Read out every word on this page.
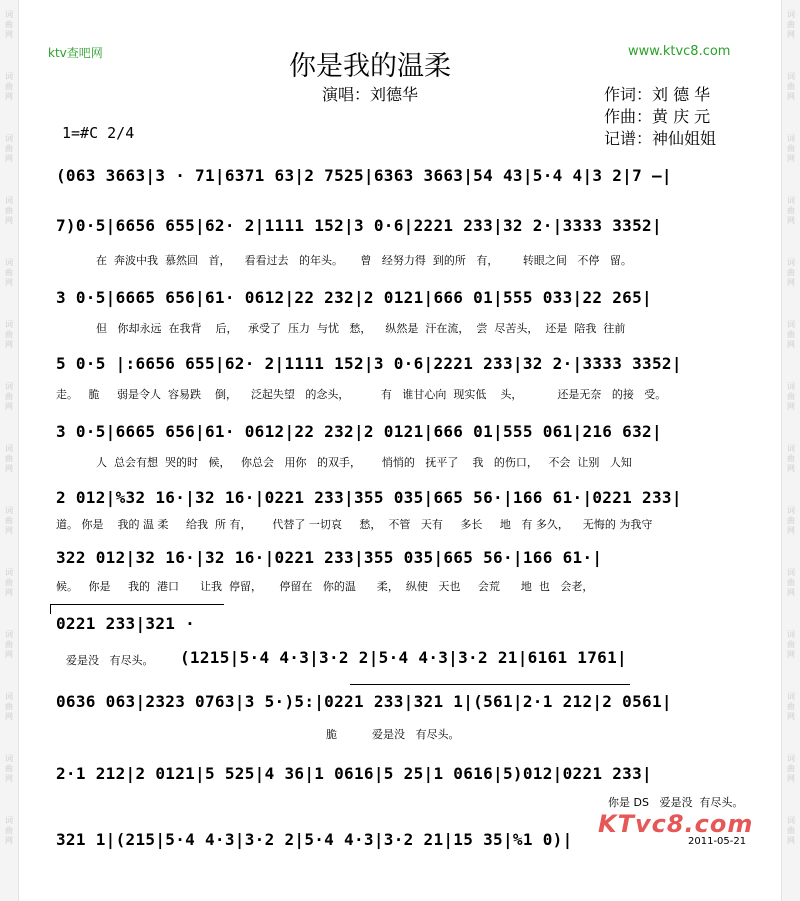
词
曲
网
词
曲
网
词
曲
网
词
曲
网
词
曲
网
词
曲
网
词
曲
网
词
曲
网
词
曲
网
词
曲
网
词
曲
网
词
曲
网
词
曲
网
词
曲
网
词
曲
网
词
曲
网
词
曲
网
词
曲
网
词
曲
网
词
曲
网
词
曲
网
词
曲
网
词
曲
网
词
曲
网
词
曲
网
词
曲
网
词
曲
网
词
曲
网
ktv查吧网	www.ktvc8.com
你是我的温柔
演唱：刘德华	作词：刘 德 华
作曲：黄 庆 元
记谱：神仙姐姐
1=#C 2/4
(063 3663|3 · 71|6371 63|2 7525|6363 3663|54 43|5·4 4|3 2|7 –|
7)0·5|6656 655|62· 2|1111 152|3 0·6|2221 233|32 2·|3333 3352|
在  奔波中我  慕然回   首，    看看过去   的年头。     曾   经努力得  到的所   有，       转眼之间   不停   留。
3 0·5|6665 656|61· 0612|22 232|2 0121|666 01|555 033|22 265|
但   你却永远  在我背    后，   承受了  压力  与忧   愁，    纵然是  汗在流，  尝  尽苦头，  还是  陪我  往前
5 0·5 |:6656 655|62· 2|1111 152|3 0·6|2221 233|32 2·|3333 3352|
走。   脆     弱是令人  容易跌    倒，    泛起失望   的念头，         有   谁甘心向  现实低    头，          还是无奈   的接   受。
3 0·5|6665 656|61· 0612|22 232|2 0121|666 01|555 061|216 632|
人  总会有想  哭的时   候，   你总会   用你   的双手，      悄悄的   抚平了    我   的伤口，   不会  让别   人知
2 012|%32 16·|32 16·|0221 233|355 035|665 56·|166 61·|0221 233|
道。 你是    我的 温 柔     给我  所 有，      代替了 一切哀     愁，  不管   天有     多长     地   有 多久，    无悔的 为我守
322 012|32 16·|32 16·|0221 233|355 035|665 56·|166 61·|
候。   你是     我的  港口      让我  停留，     停留在   你的温      柔，  纵使   天也     会荒      地  也   会老，
0221 233|321 ·
(1215|5·4 4·3|3·2 2|5·4 4·3|3·2 21|6161 1761|
爱是没   有尽头。
0636 063|2323 0763|3 5·)5:|0221 233|321 1|(561|2·1 212|2 0561|
脆          爱是没   有尽头。
2·1 212|2 0121|5 525|4 36|1 0616|5 25|1 0616|5)012|0221 233|
你是 DS   爱是没  有尽头。
321 1|(215|5·4 4·3|3·2 2|5·4 4·3|3·2 21|15 35|%1 0)|
KTvc8.com
2011-05-21
